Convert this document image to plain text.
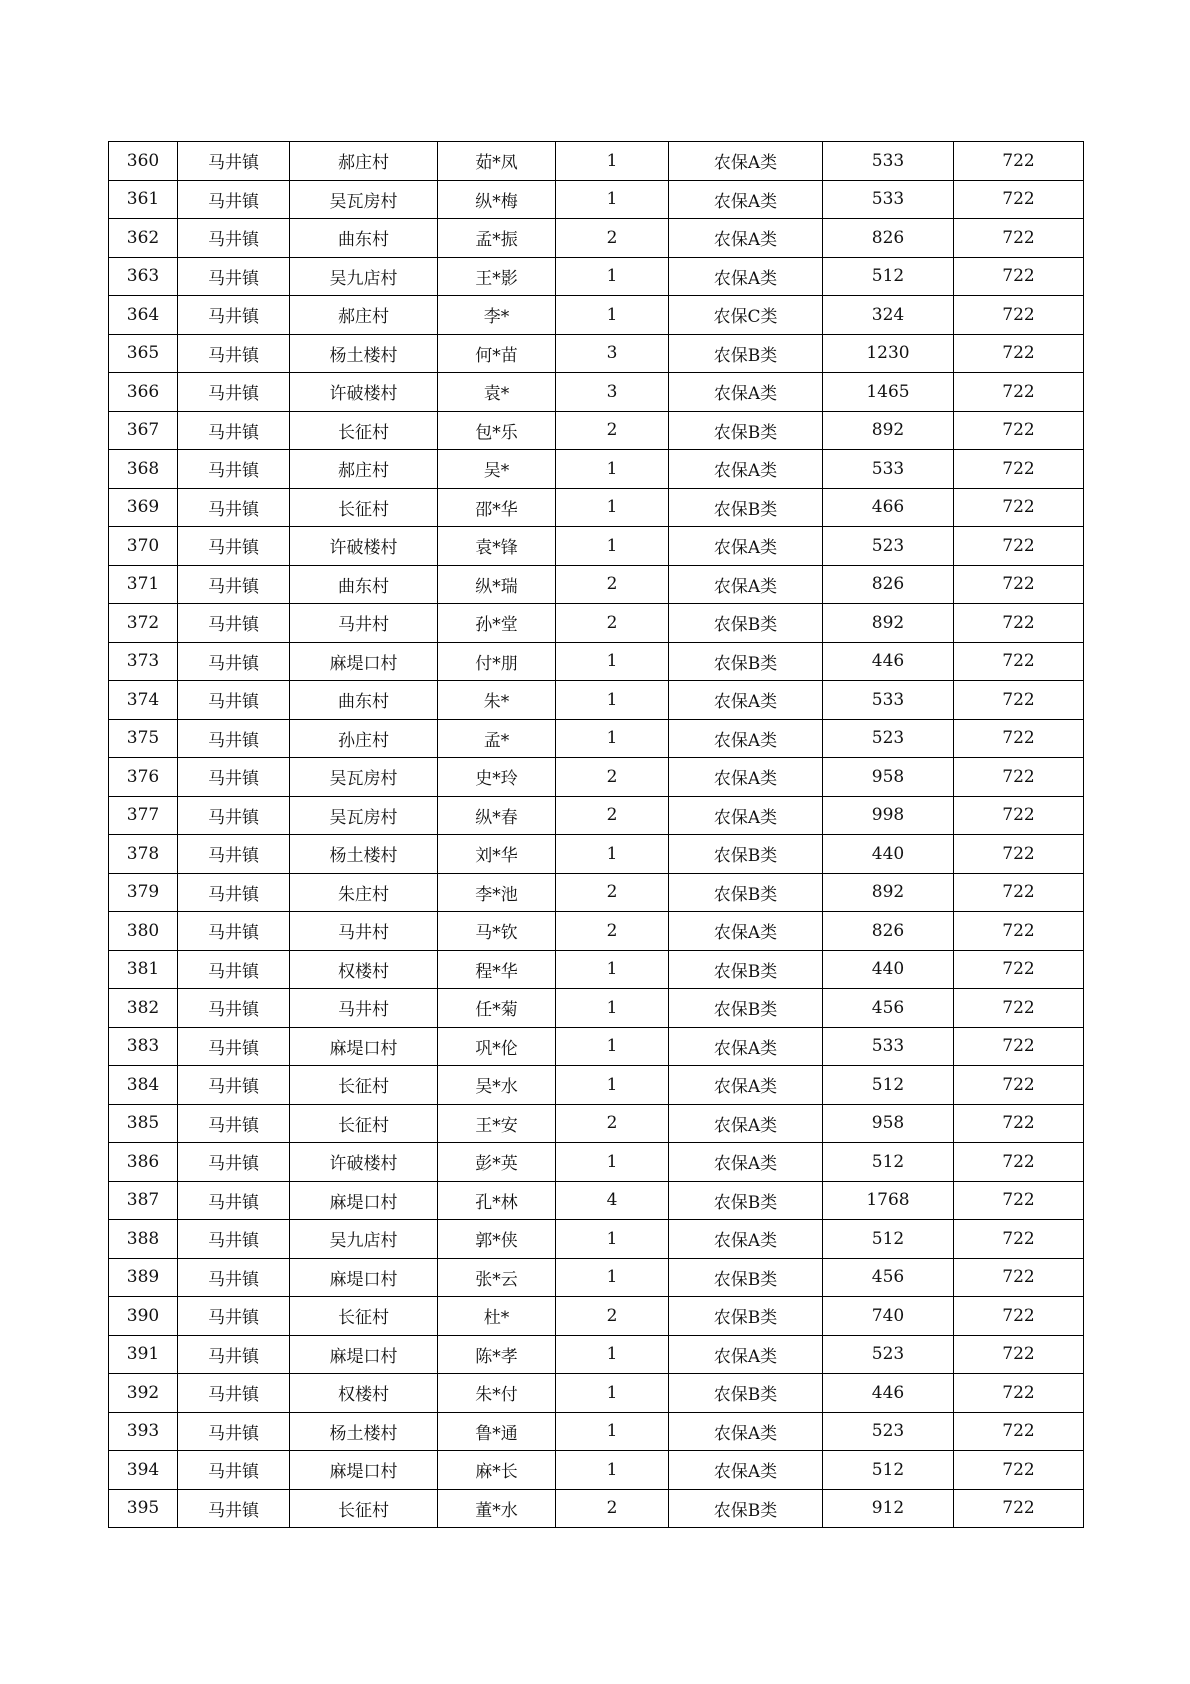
360	马井镇	郝庄村	茹*凤	1	农保A类	533	722
361	马井镇	吴瓦房村	纵*梅	1	农保A类	533	722
362	马井镇	曲东村	孟*振	2	农保A类	826	722
363	马井镇	吴九店村	王*影	1	农保A类	512	722
364	马井镇	郝庄村	李*	1	农保C类	324	722
365	马井镇	杨土楼村	何*苗	3	农保B类	1230	722
366	马井镇	许破楼村	袁*	3	农保A类	1465	722
367	马井镇	长征村	包*乐	2	农保B类	892	722
368	马井镇	郝庄村	吴*	1	农保A类	533	722
369	马井镇	长征村	邵*华	1	农保B类	466	722
370	马井镇	许破楼村	袁*锋	1	农保A类	523	722
371	马井镇	曲东村	纵*瑞	2	农保A类	826	722
372	马井镇	马井村	孙*堂	2	农保B类	892	722
373	马井镇	麻堤口村	付*朋	1	农保B类	446	722
374	马井镇	曲东村	朱*	1	农保A类	533	722
375	马井镇	孙庄村	孟*	1	农保A类	523	722
376	马井镇	吴瓦房村	史*玲	2	农保A类	958	722
377	马井镇	吴瓦房村	纵*春	2	农保A类	998	722
378	马井镇	杨土楼村	刘*华	1	农保B类	440	722
379	马井镇	朱庄村	李*池	2	农保B类	892	722
380	马井镇	马井村	马*钦	2	农保A类	826	722
381	马井镇	权楼村	程*华	1	农保B类	440	722
382	马井镇	马井村	任*菊	1	农保B类	456	722
383	马井镇	麻堤口村	巩*伦	1	农保A类	533	722
384	马井镇	长征村	吴*水	1	农保A类	512	722
385	马井镇	长征村	王*安	2	农保A类	958	722
386	马井镇	许破楼村	彭*英	1	农保A类	512	722
387	马井镇	麻堤口村	孔*林	4	农保B类	1768	722
388	马井镇	吴九店村	郭*侠	1	农保A类	512	722
389	马井镇	麻堤口村	张*云	1	农保B类	456	722
390	马井镇	长征村	杜*	2	农保B类	740	722
391	马井镇	麻堤口村	陈*孝	1	农保A类	523	722
392	马井镇	权楼村	朱*付	1	农保B类	446	722
393	马井镇	杨土楼村	鲁*通	1	农保A类	523	722
394	马井镇	麻堤口村	麻*长	1	农保A类	512	722
395	马井镇	长征村	董*水	2	农保B类	912	722
